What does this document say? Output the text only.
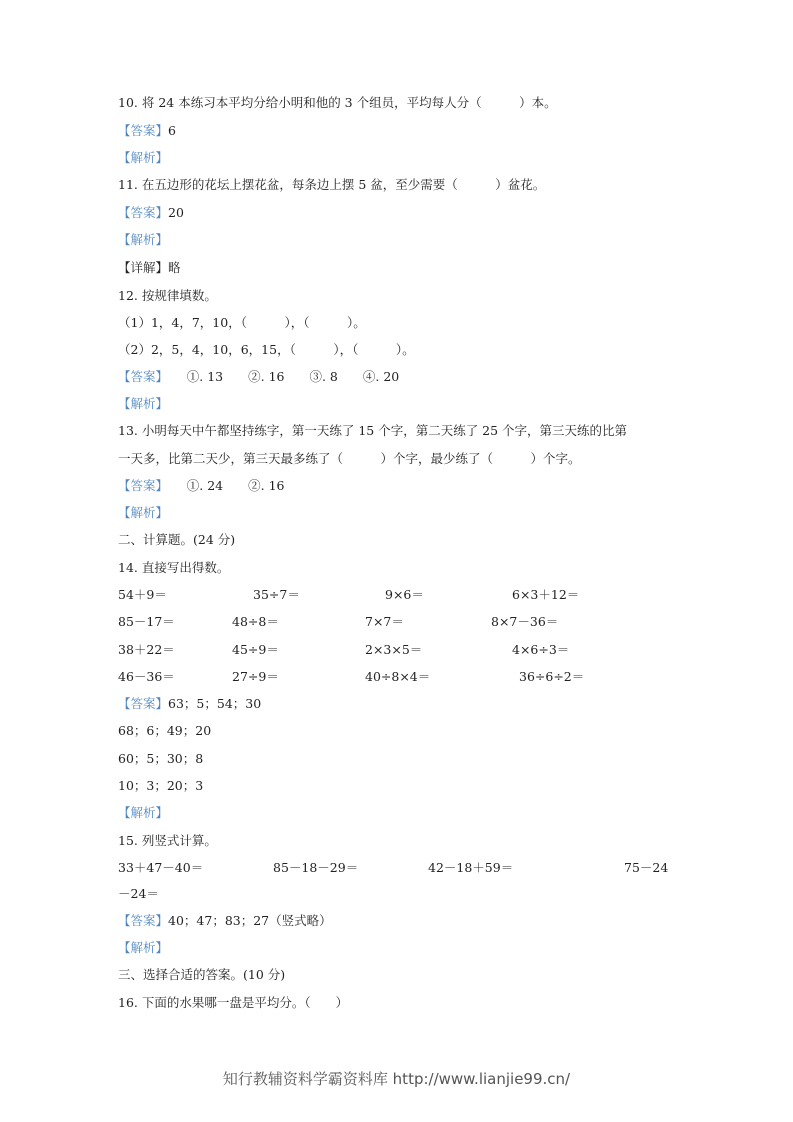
10. 将 24 本练习本平均分给小明和他的 3 个组员，平均每人分（　　　）本。
【答案】6
【解析】
11. 在五边形的花坛上摆花盆，每条边上摆 5 盆，至少需要（　　　）盆花。
【答案】20
【解析】
【详解】略
12. 按规律填数。
（1）1，4，7，10，（　　　），（　　　）。
（2）2，5，4，10，6，15，（　　　），（　　　）。
【答案】　　①. 13　　②. 16　　③. 8　　④. 20
【解析】
13. 小明每天中午都坚持练字，第一天练了 15 个字，第二天练了 25 个字，第三天练的比第
一天多，比第二天少，第三天最多练了（　　　）个字，最少练了（　　　）个字。
【答案】　　①. 24　　②. 16
【解析】
二、计算题。(24 分)
14. 直接写出得数。
54＋9＝	35÷7＝	9×6＝	6×3＋12＝
85－17＝	48÷8＝	7×7＝	8×7－36＝
38＋22＝	45÷9＝	2×3×5＝	4×6÷3＝
46－36＝	27÷9＝	40÷8×4＝	36÷6÷2＝
【答案】63；5；54；30
68；6；49；20
60；5；30；8
10；3；20；3
【解析】
15. 列竖式计算。
33＋47－40＝	85－18－29＝	42－18＋59＝	75－24
－24＝
【答案】40；47；83；27（竖式略）
【解析】
三、选择合适的答案。(10 分)
16. 下面的水果哪一盘是平均分。（　　）
知行教辅资料学霸资料库 http://www.lianjie99.cn/
